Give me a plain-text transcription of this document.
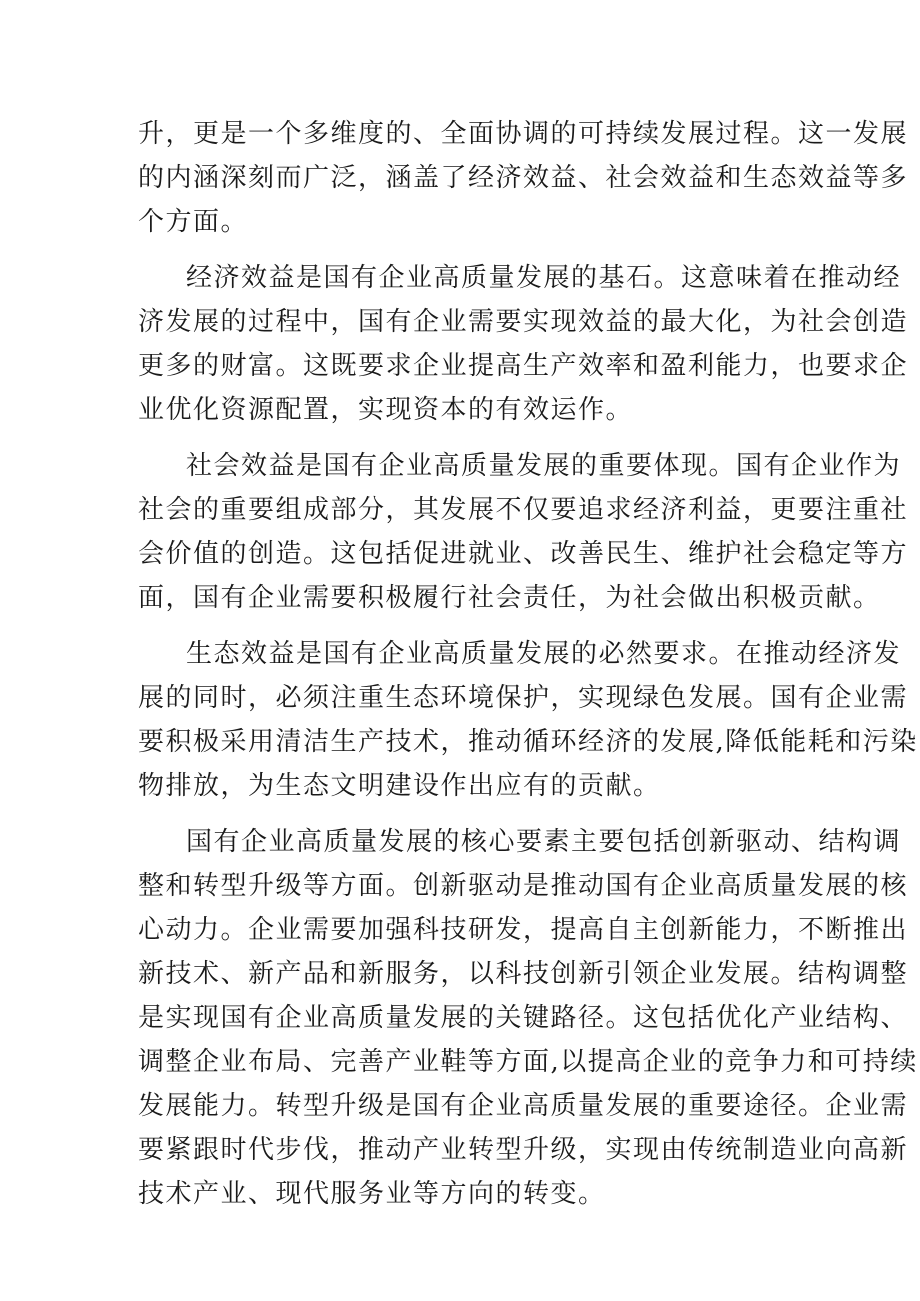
升，更是一个多维度的、全面协调的可持续发展过程。这一发展
的内涵深刻而广泛，涵盖了经济效益、社会效益和生态效益等多
个方面。
经济效益是国有企业高质量发展的基石。这意味着在推动经
济发展的过程中，国有企业需要实现效益的最大化，为社会创造
更多的财富。这既要求企业提高生产效率和盈利能力，也要求企
业优化资源配置，实现资本的有效运作。
社会效益是国有企业高质量发展的重要体现。国有企业作为
社会的重要组成部分，其发展不仅要追求经济利益，更要注重社
会价值的创造。这包括促进就业、改善民生、维护社会稳定等方
面，国有企业需要积极履行社会责任，为社会做出积极贡献。
生态效益是国有企业高质量发展的必然要求。在推动经济发
展的同时，必须注重生态环境保护，实现绿色发展。国有企业需
要积极采用清洁生产技术，推动循环经济的发展,降低能耗和污染
物排放，为生态文明建设作出应有的贡献。
国有企业高质量发展的核心要素主要包括创新驱动、结构调
整和转型升级等方面。创新驱动是推动国有企业高质量发展的核
心动力。企业需要加强科技研发，提高自主创新能力，不断推出
新技术、新产品和新服务，以科技创新引领企业发展。结构调整
是实现国有企业高质量发展的关键路径。这包括优化产业结构、
调整企业布局、完善产业鞋等方面,以提高企业的竞争力和可持续
发展能力。转型升级是国有企业高质量发展的重要途径。企业需
要紧跟时代步伐，推动产业转型升级，实现由传统制造业向高新
技术产业、现代服务业等方向的转变。
